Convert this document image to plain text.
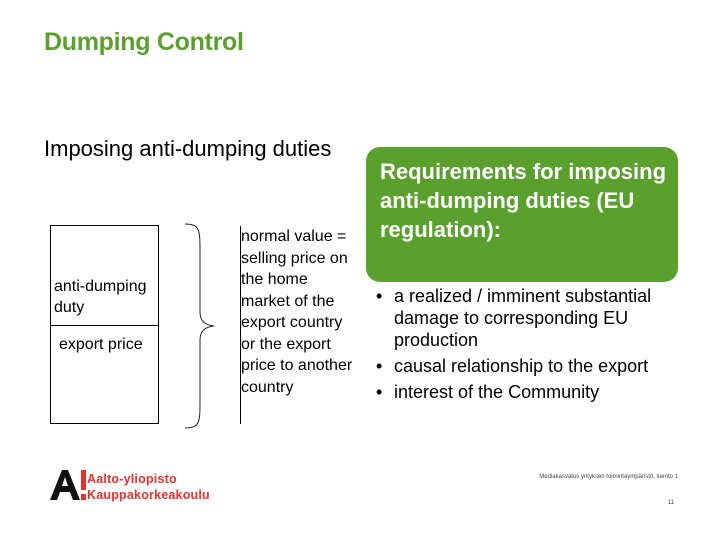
Dumping Control
Imposing anti-dumping duties
anti-dumping duty
export price
normal value = selling price on the home market of the export country or the export price to another country
Requirements for imposing anti-dumping duties (EU regulation):
• a realized / imminent substantial damage to corresponding EU production
• causal relationship to the export
• interest of the Community
Aalto-yliopisto
Kauppakorkeakoulu
Mediakasvatus yrityksen toimintaympäristö, luento 1
11
